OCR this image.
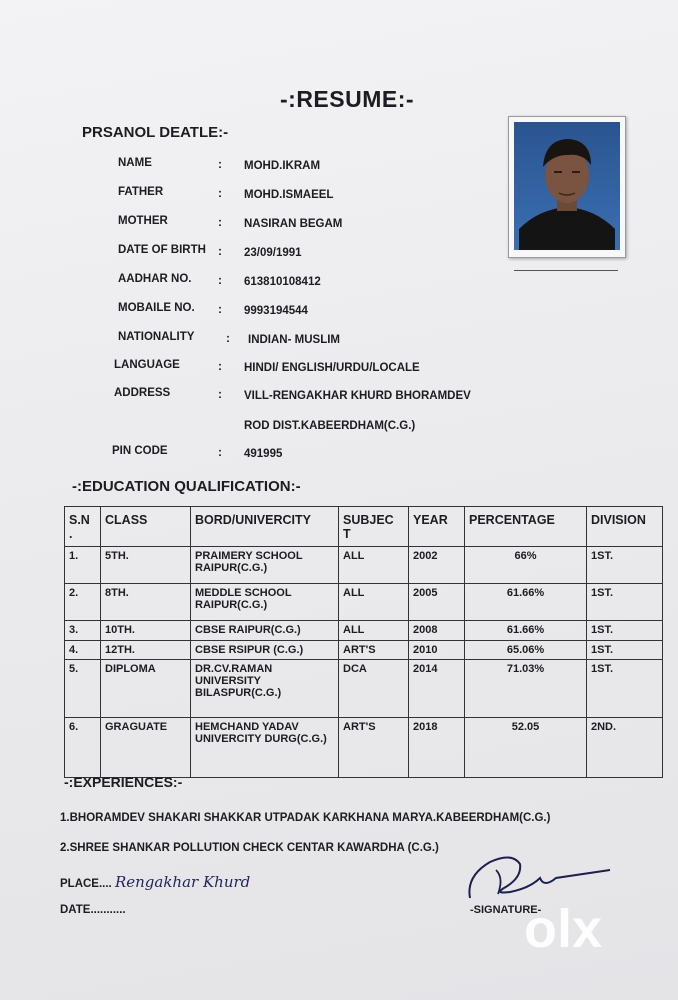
-:RESUME:-
PRSANOL DEATLE:-
NAME	: MOHD.IKRAM
FATHER	: MOHD.ISMAEEL
MOTHER	: NASIRAN BEGAM
DATE OF BIRTH : 23/09/1991
AADHAR NO. : 613810108412
MOBAILE NO. : 9993194544
NATIONALITY	: INDIAN- MUSLIM
LANGUAGE	: HINDI/ ENGLISH/URDU/LOCALE
ADDRESS	: VILL-RENGAKHAR KHURD BHORAMDEV
ROD DIST.KABEERDHAM(C.G.)
PIN CODE	: 491995
-:EDUCATION QUALIFICATION:-
S.N .	CLASS	BORD/UNIVERCITY	SUBJEC T	YEAR	PERCENTAGE	DIVISION
1.	5TH.	PRAIMERY SCHOOL RAIPUR(C.G.)	ALL	2002	66%	1ST.
2.	8TH.	MEDDLE SCHOOL RAIPUR(C.G.)	ALL	2005	61.66%	1ST.
3.	10TH.	CBSE RAIPUR(C.G.)	ALL	2008	61.66%	1ST.
4.	12TH.	CBSE RSIPUR (C.G.)	ART'S	2010	65.06%	1ST.
5.	DIPLOMA	DR.CV.RAMAN UNIVERSITY BILASPUR(C.G.)	DCA	2014	71.03%	1ST.
6.	GRAGUATE	HEMCHAND YADAV UNIVERCITY DURG(C.G.)	ART'S	2018	52.05	2ND.
-:EXPERIENCES:-
1.BHORAMDEV SHAKARI SHAKKAR UTPADAK KARKHANA MARYA.KABEERDHAM(C.G.)
2.SHREE SHANKAR POLLUTION CHECK CENTAR KAWARDHA (C.G.)
PLACE.... Rengakhar Khurd
DATE...........	-SIGNATURE-
olx
